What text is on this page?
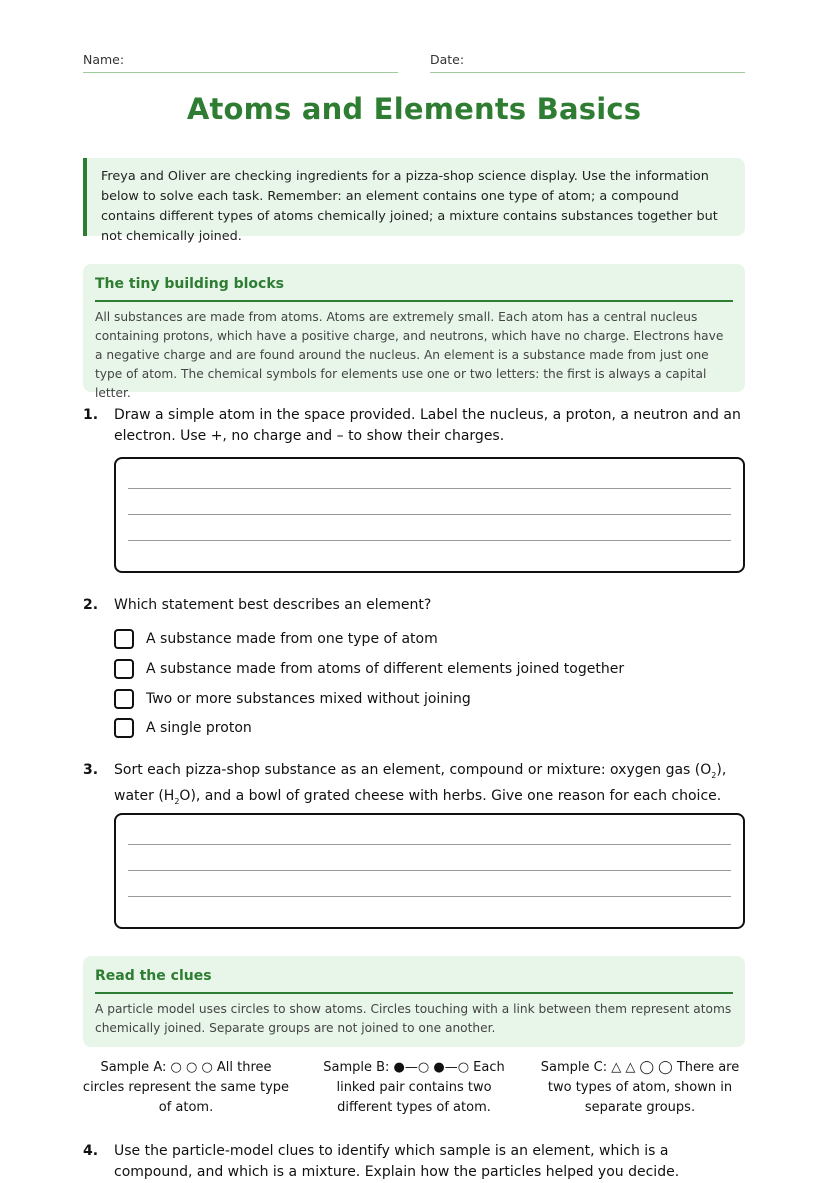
Name:	Date:
Atoms and Elements Basics
Freya and Oliver are checking ingredients for a pizza-shop science display. Use the information below to solve each task. Remember: an element contains one type of atom; a compound contains different types of atoms chemically joined; a mixture contains substances together but not chemically joined.
The tiny building blocks
All substances are made from atoms. Atoms are extremely small. Each atom has a central nucleus containing protons, which have a positive charge, and neutrons, which have no charge. Electrons have a negative charge and are found around the nucleus. An element is a substance made from just one type of atom. The chemical symbols for elements use one or two letters: the first is always a capital letter.
1. Draw a simple atom in the space provided. Label the nucleus, a proton, a neutron and an electron. Use +, no charge and – to show their charges.
2. Which statement best describes an element?
A substance made from one type of atom
A substance made from atoms of different elements joined together
Two or more substances mixed without joining
A single proton
3. Sort each pizza-shop substance as an element, compound or mixture: oxygen gas $(O_2)$, water $(H_2O)$, and a bowl of grated cheese with herbs. Give one reason for each choice.
Read the clues
A particle model uses circles to show atoms. Circles touching with a link between them represent atoms chemically joined. Separate groups are not joined to one another.
Sample A: ○ ○ ○ All three circles represent the same type of atom.
Sample B: ●—○ ●—○ Each linked pair contains two different types of atom.
Sample C: △ △ ◯ ◯ There are two types of atom, shown in separate groups.
4. Use the particle-model clues to identify which sample is an element, which is a compound, and which is a mixture. Explain how the particles helped you decide.
